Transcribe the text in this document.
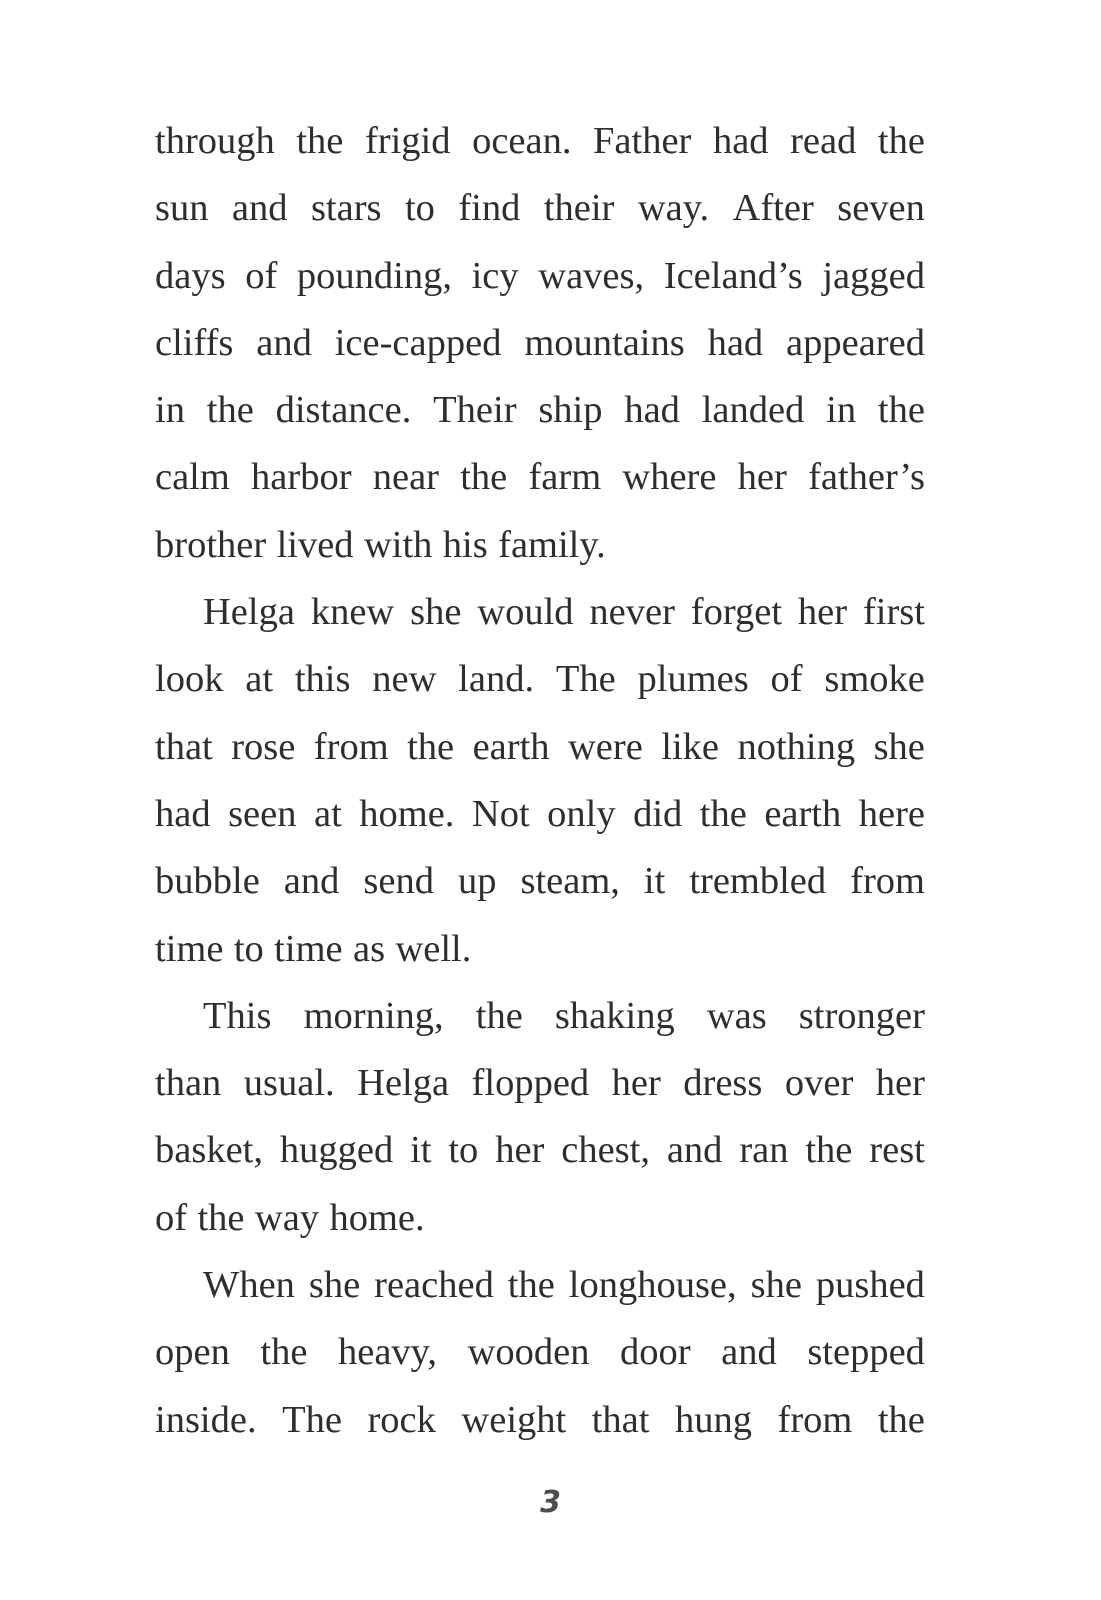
through the frigid ocean. Father had read the
sun and stars to find their way. After seven
days of pounding, icy waves, Iceland’s jagged
cliffs and ice-capped mountains had appeared
in the distance. Their ship had landed in the
calm harbor near the farm where her father’s
brother lived with his family.
Helga knew she would never forget her first
look at this new land. The plumes of smoke
that rose from the earth were like nothing she
had seen at home. Not only did the earth here
bubble and send up steam, it trembled from
time to time as well.
This morning, the shaking was stronger
than usual. Helga flopped her dress over her
basket, hugged it to her chest, and ran the rest
of the way home.
When she reached the longhouse, she pushed
open the heavy, wooden door and stepped
inside. The rock weight that hung from the
3
